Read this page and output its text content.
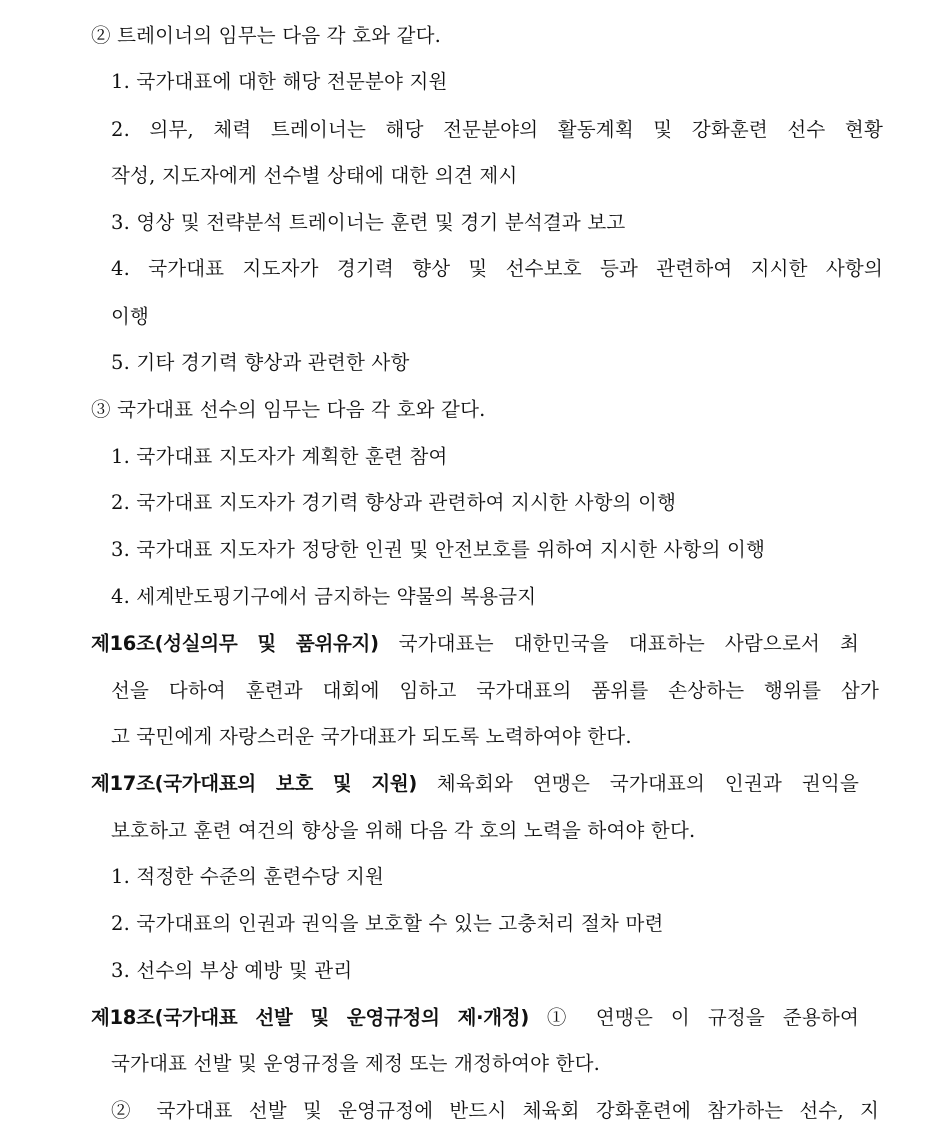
② 트레이너의 임무는 다음 각 호와 같다.
1. 국가대표에 대한 해당 전문분야 지원
2. 의무, 체력 트레이너는 해당 전문분야의 활동계획 및 강화훈련 선수 현황
작성, 지도자에게 선수별 상태에 대한 의견 제시
3. 영상 및 전략분석 트레이너는 훈련 및 경기 분석결과 보고
4. 국가대표 지도자가 경기력 향상 및 선수보호 등과 관련하여 지시한 사항의
이행
5. 기타 경기력 향상과 관련한 사항
③ 국가대표 선수의 임무는 다음 각 호와 같다.
1. 국가대표 지도자가 계획한 훈련 참여
2. 국가대표 지도자가 경기력 향상과 관련하여 지시한 사항의 이행
3. 국가대표 지도자가 정당한 인권 및 안전보호를 위하여 지시한 사항의 이행
4. 세계반도핑기구에서 금지하는 약물의 복용금지
제16조(성실의무 및 품위유지) 국가대표는 대한민국을 대표하는 사람으로서 최
선을 다하여 훈련과 대회에 임하고 국가대표의 품위를 손상하는 행위를 삼가
고 국민에게 자랑스러운 국가대표가 되도록 노력하여야 한다.
제17조(국가대표의 보호 및 지원) 체육회와 연맹은 국가대표의 인권과 권익을
보호하고 훈련 여건의 향상을 위해 다음 각 호의 노력을 하여야 한다.
1. 적정한 수준의 훈련수당 지원
2. 국가대표의 인권과 권익을 보호할 수 있는 고충처리 절차 마련
3. 선수의 부상 예방 및 관리
제18조(국가대표 선발 및 운영규정의 제·개정) ① 연맹은 이 규정을 준용하여
국가대표 선발 및 운영규정을 제정 또는 개정하여야 한다.
② 국가대표 선발 및 운영규정에 반드시 체육회 강화훈련에 참가하는 선수, 지
